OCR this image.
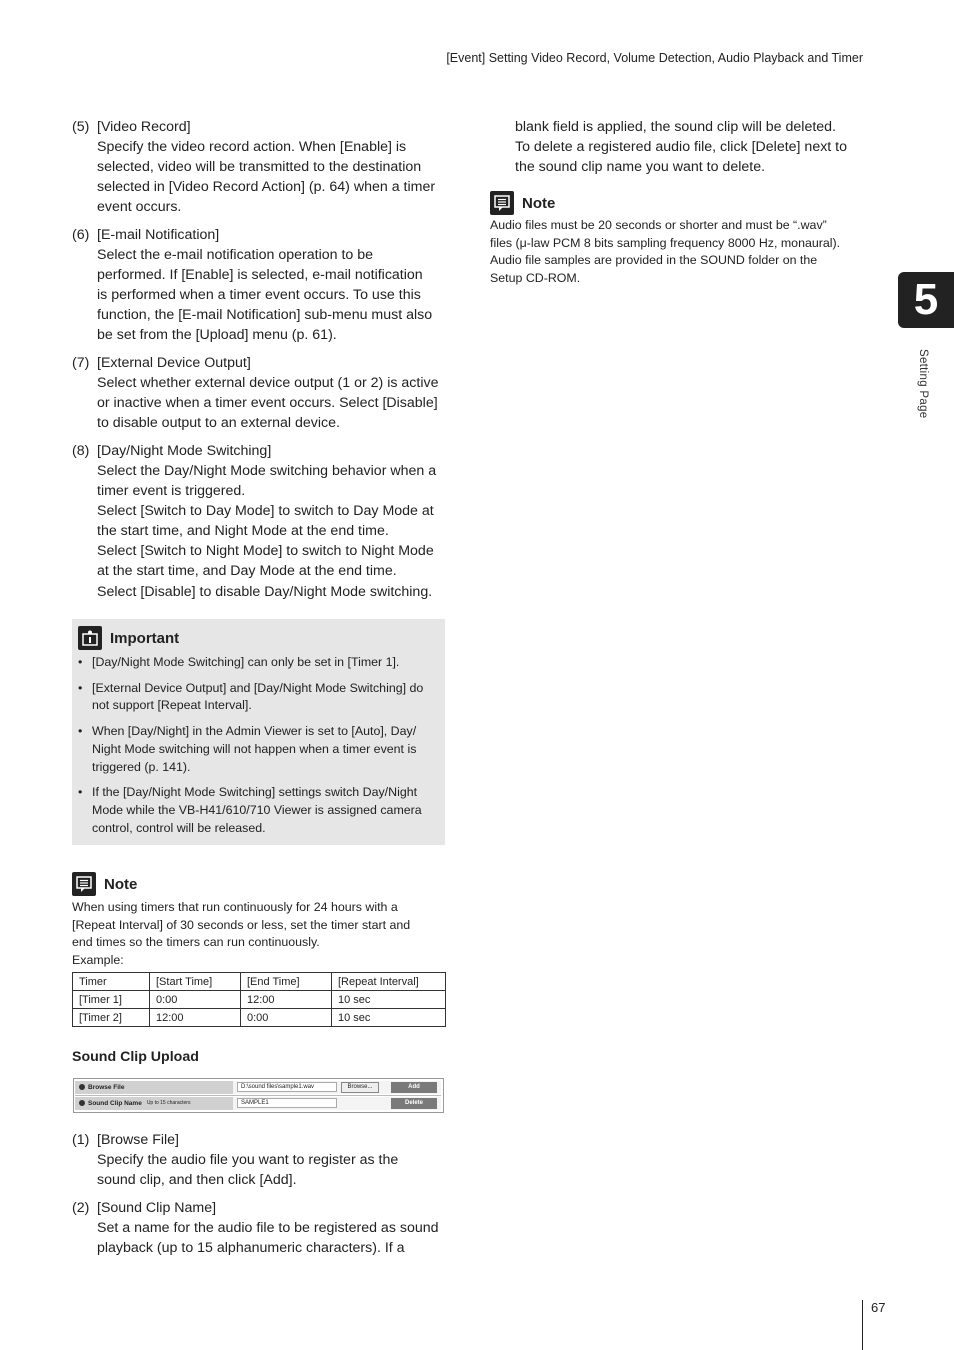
[Event] Setting Video Record, Volume Detection, Audio Playback and Timer
(5) [Video Record]
Specify the video record action. When [Enable] is
selected, video will be transmitted to the destination
selected in [Video Record Action] (p. 64) when a timer
event occurs.
(6) [E-mail Notification]
Select the e-mail notification operation to be
performed. If [Enable] is selected, e-mail notification
is performed when a timer event occurs. To use this
function, the [E-mail Notification] sub-menu must also
be set from the [Upload] menu (p. 61).
(7) [External Device Output]
Select whether external device output (1 or 2) is active
or inactive when a timer event occurs. Select [Disable]
to disable output to an external device.
(8) [Day/Night Mode Switching]
Select the Day/Night Mode switching behavior when a
timer event is triggered.
Select [Switch to Day Mode] to switch to Day Mode at
the start time, and Night Mode at the end time.
Select [Switch to Night Mode] to switch to Night Mode
at the start time, and Day Mode at the end time.
Select [Disable] to disable Day/Night Mode switching.
Important
• [Day/Night Mode Switching] can only be set in [Timer 1].
• [External Device Output] and [Day/Night Mode Switching] do
not support [Repeat Interval].
• When [Day/Night] in the Admin Viewer is set to [Auto], Day/
Night Mode switching will not happen when a timer event is
triggered (p. 141).
• If the [Day/Night Mode Switching] settings switch Day/Night
Mode while the VB-H41/610/710 Viewer is assigned camera
control, control will be released.
Note
When using timers that run continuously for 24 hours with a
[Repeat Interval] of 30 seconds or less, set the timer start and
end times so the timers can run continuously.
Example:
Timer	[Start Time]	[End Time]	[Repeat Interval]
[Timer 1]	0:00	12:00	10 sec
[Timer 2]	12:00	0:00	10 sec
Sound Clip Upload
Browse File	D:\sound files\sample1.wav	Browse...	Add
Sound Clip Name Up to 15 characters	SAMPLE1	Delete
(1) [Browse File]
Specify the audio file you want to register as the
sound clip, and then click [Add].
(2) [Sound Clip Name]
Set a name for the audio file to be registered as sound
playback (up to 15 alphanumeric characters). If a
blank field is applied, the sound clip will be deleted.
To delete a registered audio file, click [Delete] next to
the sound clip name you want to delete.
Note
Audio files must be 20 seconds or shorter and must be “.wav”
files (μ-law PCM 8 bits sampling frequency 8000 Hz, monaural).
Audio file samples are provided in the SOUND folder on the
Setup CD-ROM.	5
Setting Page
67
